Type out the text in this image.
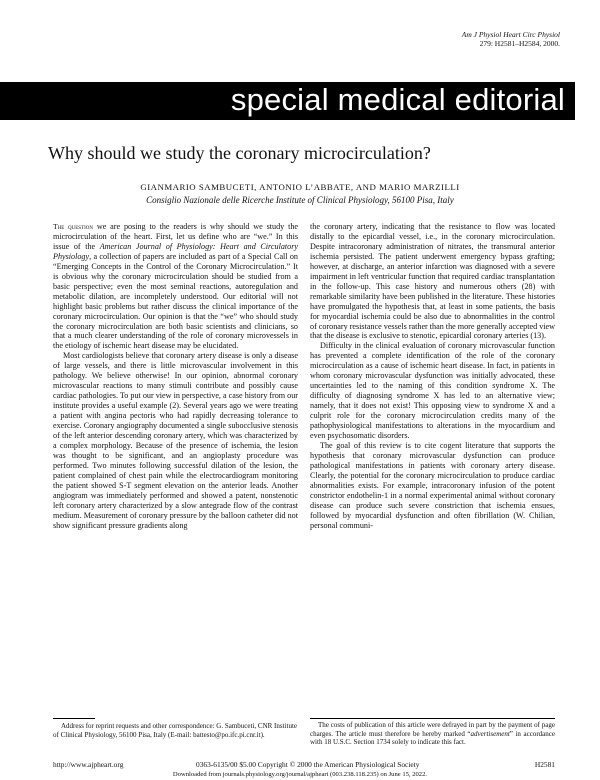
Am J Physiol Heart Circ Physiol
279: H2581–H2584, 2000.
special medical editorial
Why should we study the coronary microcirculation?
GIANMARIO SAMBUCETI, ANTONIO L’ABBATE, AND MARIO MARZILLI
Consiglio Nazionale delle Ricerche Institute of Clinical Physiology, 56100 Pisa, Italy

The question we are posing to the readers is why should we study the microcirculation of the heart. First, let us define who are “we.” In this issue of the American Journal of Physiology: Heart and Circulatory Physiology, a collection of papers are included as part of a Special Call on “Emerging Concepts in the Control of the Coronary Microcirculation.” It is obvious why the coronary microcirculation should be studied from a basic perspective; even the most seminal reactions, autoregulation and metabolic dilation, are incompletely understood. Our editorial will not highlight basic problems but rather discuss the clinical importance of the coronary microcirculation. Our opinion is that the “we” who should study the coronary microcirculation are both basic scientists and clinicians, so that a much clearer understanding of the role of coronary microvessels in the etiology of ischemic heart disease may be elucidated.

Most cardiologists believe that coronary artery disease is only a disease of large vessels, and there is little microvascular involvement in this pathology. We believe otherwise! In our opinion, abnormal coronary microvascular reactions to many stimuli contribute and possibly cause cardiac pathologies. To put our view in perspective, a case history from our institute provides a useful example (2). Several years ago we were treating a patient with angina pectoris who had rapidly decreasing tolerance to exercise. Coronary angiography documented a single subocclusive stenosis of the left anterior descending coronary artery, which was characterized by a complex morphology. Because of the presence of ischemia, the lesion was thought to be significant, and an angioplasty procedure was performed. Two minutes following successful dilation of the lesion, the patient complained of chest pain while the electrocardiogram monitoring the patient showed S-T segment elevation on the anterior leads. Another angiogram was immediately performed and showed a patent, nonstenotic left coronary artery characterized by a slow antegrade flow of the contrast medium. Measurement of coronary pressure by the balloon catheter did not show significant pressure gradients along

the coronary artery, indicating that the resistance to flow was located distally to the epicardial vessel, i.e., in the coronary microcirculation. Despite intracoronary administration of nitrates, the transmural anterior ischemia persisted. The patient underwent emergency bypass grafting; however, at discharge, an anterior infarction was diagnosed with a severe impairment in left ventricular function that required cardiac transplantation in the follow-up. This case history and numerous others (28) with remarkable similarity have been published in the literature. These histories have promulgated the hypothesis that, at least in some patients, the basis for myocardial ischemia could be also due to abnormalities in the control of coronary resistance vessels rather than the more generally accepted view that the disease is exclusive to stenotic, epicardial coronary arteries (13).

Difficulty in the clinical evaluation of coronary microvascular function has prevented a complete identification of the role of the coronary microcirculation as a cause of ischemic heart disease. In fact, in patients in whom coronary microvascular dysfunction was initially advocated, these uncertainties led to the naming of this condition syndrome X. The difficulty of diagnosing syndrome X has led to an alternative view; namely, that it does not exist! This opposing view to syndrome X and a culprit role for the coronary microcirculation credits many of the pathophysiological manifestations to alterations in the myocardium and even psychosomatic disorders.

The goal of this review is to cite cogent literature that supports the hypothesis that coronary microvascular dysfunction can produce pathological manifestations in patients with coronary artery disease. Clearly, the potential for the coronary microcirculation to produce cardiac abnormalities exists. For example, intracoronary infusion of the potent constrictor endothelin-1 in a normal experimental animal without coronary disease can produce such severe constriction that ischemia ensues, followed by myocardial dysfunction and often fibrillation (W. Chilian, personal communi-

Address for reprint requests and other correspondence: G. Sambuceti, CNR Institute of Clinical Physiology, 56100 Pisa, Italy (E-mail: battesto@po.ifc.pi.cnr.it).

The costs of publication of this article were defrayed in part by the payment of page charges. The article must therefore be hereby marked “advertisement” in accordance with 18 U.S.C. Section 1734 solely to indicate this fact.

http://www.ajpheart.org	0363-6135/00 $5.00 Copyright © 2000 the American Physiological Society	H2581
Downloaded from journals.physiology.org/journal/ajpheart (003.238.118.235) on June 15, 2022.
